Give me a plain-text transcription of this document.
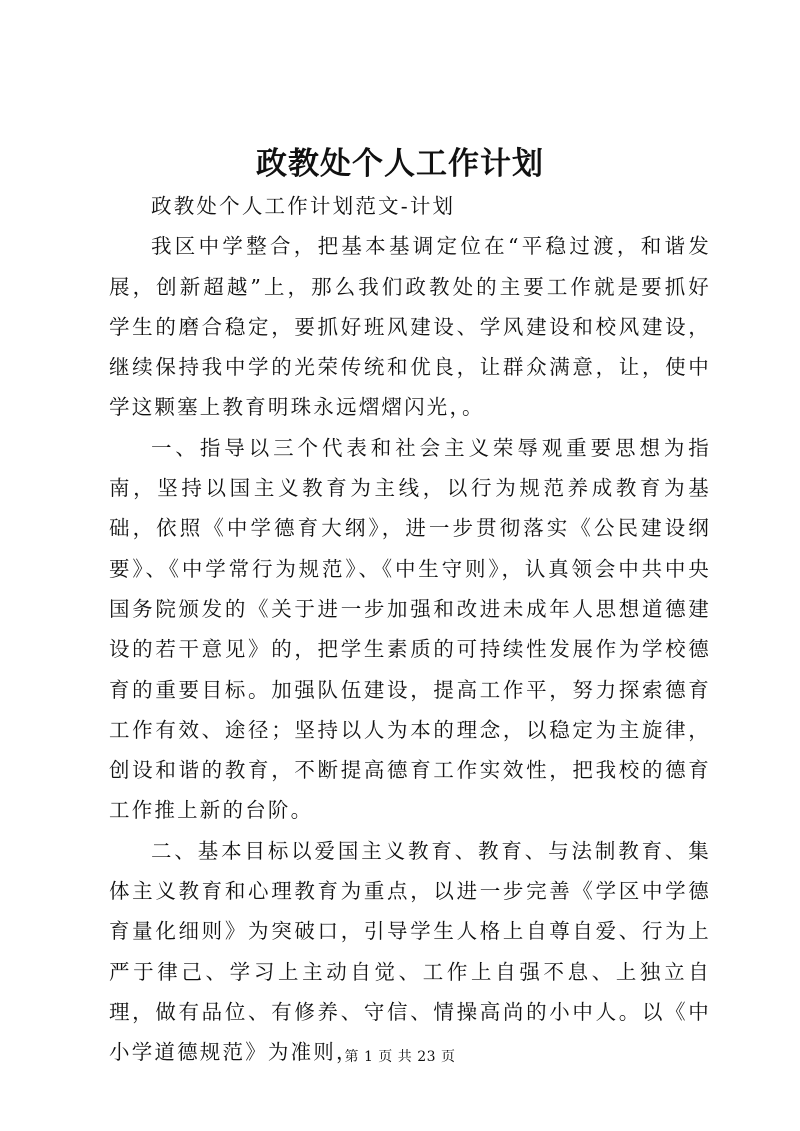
政教处个人工作计划

政教处个人工作计划范文-计划

我区中学整合，把基本基调定位在“平稳过渡，和谐发展，创新超越”上，那么我们政教处的主要工作就是要抓好学生的磨合稳定，要抓好班风建设、学风建设和校风建设，继续保持我中学的光荣传统和优良，让群众满意，让，使中学这颗塞上教育明珠永远熠熠闪光，。

一、指导以三个代表和社会主义荣辱观重要思想为指南，坚持以国主义教育为主线，以行为规范养成教育为基础，依照《中学德育大纲》，进一步贯彻落实《公民建设纲要》、《中学常行为规范》、《中生守则》，认真领会中共中央国务院颁发的《关于进一步加强和改进未成年人思想道德建设的若干意见》的，把学生素质的可持续性发展作为学校德育的重要目标。加强队伍建设，提高工作平，努力探索德育工作有效、途径；坚持以人为本的理念，以稳定为主旋律，创设和谐的教育，不断提高德育工作实效性，把我校的德育工作推上新的台阶。

二、基本目标以爱国主义教育、教育、与法制教育、集体主义教育和心理教育为重点，以进一步完善《学区中学德育量化细则》为突破口，引导学生人格上自尊自爱、行为上严于律己、学习上主动自觉、工作上自强不息、上独立自理，做有品位、有修养、守信、情操高尚的小中人。以《中小学道德规范》为准则，

第 1 页 共 23 页
